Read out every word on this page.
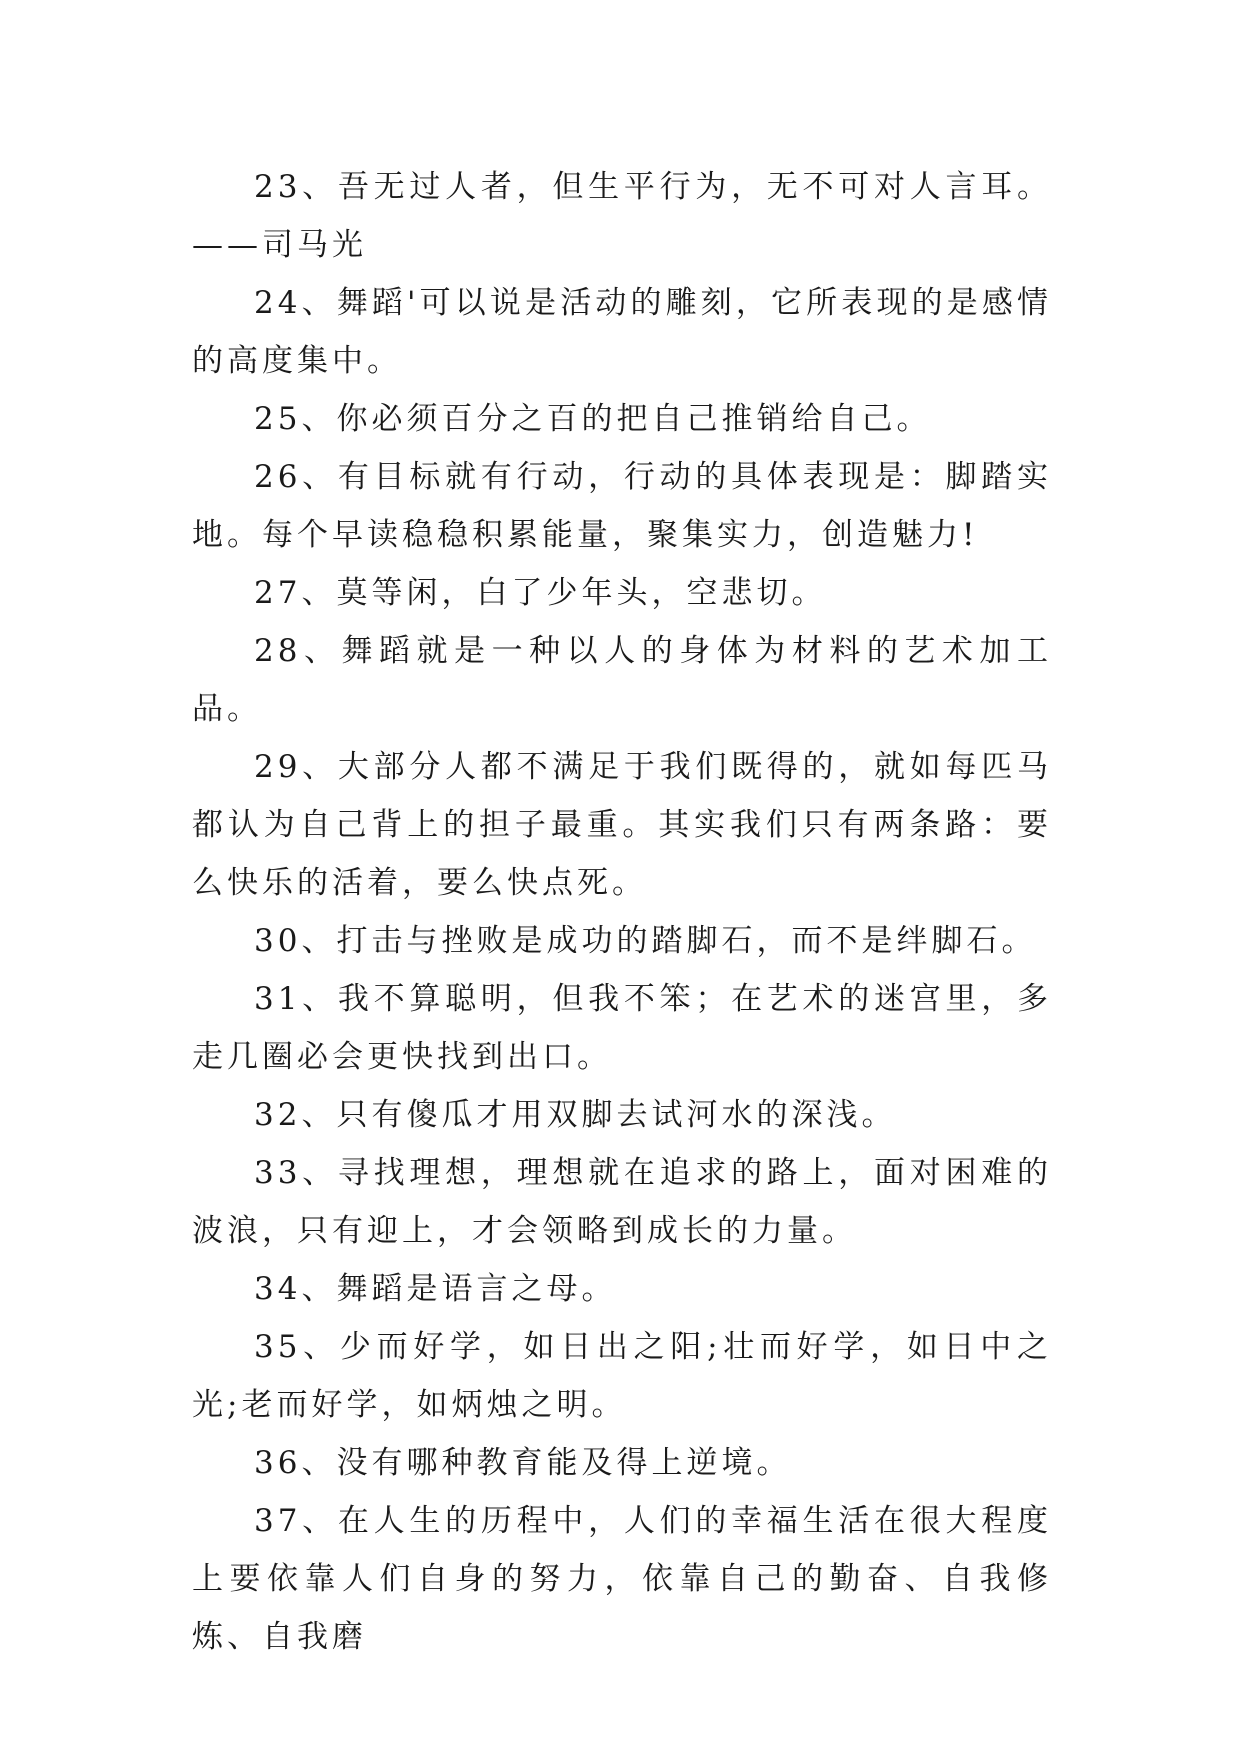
23、吾无过人者，但生平行为，无不可对人言耳。——司马光

24、舞蹈'可以说是活动的雕刻，它所表现的是感情的高度集中。

25、你必须百分之百的把自己推销给自己。

26、有目标就有行动，行动的具体表现是：脚踏实地。每个早读稳稳积累能量，聚集实力，创造魅力!

27、莫等闲，白了少年头，空悲切。

28、舞蹈就是一种以人的身体为材料的艺术加工品。

29、大部分人都不满足于我们既得的，就如每匹马都认为自己背上的担子最重。其实我们只有两条路：要么快乐的活着，要么快点死。

30、打击与挫败是成功的踏脚石，而不是绊脚石。

31、我不算聪明，但我不笨；在艺术的迷宫里，多走几圈必会更快找到出口。

32、只有傻瓜才用双脚去试河水的深浅。

33、寻找理想，理想就在追求的路上，面对困难的波浪，只有迎上，才会领略到成长的力量。

34、舞蹈是语言之母。

35、少而好学，如日出之阳;壮而好学，如日中之光;老而好学，如炳烛之明。

36、没有哪种教育能及得上逆境。

37、在人生的历程中，人们的幸福生活在很大程度上要依靠人们自身的努力，依靠自己的勤奋、自我修炼、自我磨
